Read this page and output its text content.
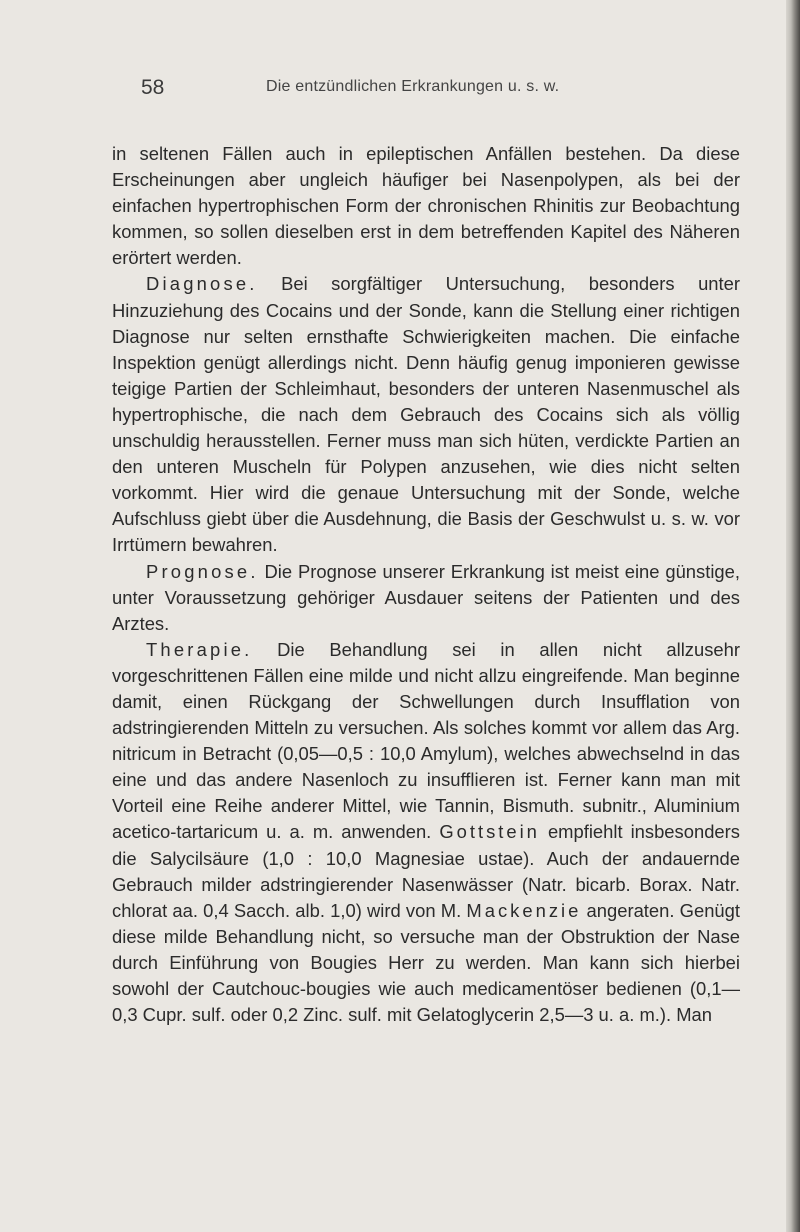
58	Die entzündlichen Erkrankungen u. s. w.

in seltenen Fällen auch in epileptischen Anfällen bestehen. Da diese Erscheinungen aber ungleich häufiger bei Nasenpolypen, als bei der einfachen hypertrophischen Form der chronischen Rhinitis zur Beobachtung kommen, so sollen dieselben erst in dem betreffenden Kapitel des Näheren erörtert werden.

Diagnose. Bei sorgfältiger Untersuchung, besonders unter Hinzuziehung des Cocains und der Sonde, kann die Stellung einer richtigen Diagnose nur selten ernsthafte Schwierigkeiten machen. Die einfache Inspektion genügt allerdings nicht. Denn häufig genug imponieren gewisse teigige Partien der Schleimhaut, besonders der unteren Nasenmuschel als hypertrophische, die nach dem Gebrauch des Cocains sich als völlig unschuldig herausstellen. Ferner muss man sich hüten, verdickte Partien an den unteren Muscheln für Polypen anzusehen, wie dies nicht selten vorkommt. Hier wird die genaue Untersuchung mit der Sonde, welche Aufschluss giebt über die Ausdehnung, die Basis der Geschwulst u. s. w. vor Irrtümern bewahren.

Prognose. Die Prognose unserer Erkrankung ist meist eine günstige, unter Voraussetzung gehöriger Ausdauer seitens der Patienten und des Arztes.

Therapie. Die Behandlung sei in allen nicht allzusehr vorgeschrittenen Fällen eine milde und nicht allzu eingreifende. Man beginne damit, einen Rückgang der Schwellungen durch Insufflation von adstringierenden Mitteln zu versuchen. Als solches kommt vor allem das Arg. nitricum in Betracht (0,05—0,5 : 10,0 Amylum), welches abwechselnd in das eine und das andere Nasenloch zu insufflieren ist. Ferner kann man mit Vorteil eine Reihe anderer Mittel, wie Tannin, Bismuth. subnitr., Aluminium acetico-tartaricum u. a. m. anwenden. Gottstein empfiehlt insbesonders die Salycilsäure (1,0 : 10,0 Magnesiae ustae). Auch der andauernde Gebrauch milder adstringierender Nasenwässer (Natr. bicarb. Borax. Natr. chlorat aa. 0,4 Sacch. alb. 1,0) wird von M. Mackenzie angeraten. Genügt diese milde Behandlung nicht, so versuche man der Obstruktion der Nase durch Einführung von Bougies Herr zu werden. Man kann sich hierbei sowohl der Cautchouc-bougies wie auch medicamentöser bedienen (0,1—0,3 Cupr. sulf. oder 0,2 Zinc. sulf. mit Gelatoglycerin 2,5—3 u. a. m.). Man
